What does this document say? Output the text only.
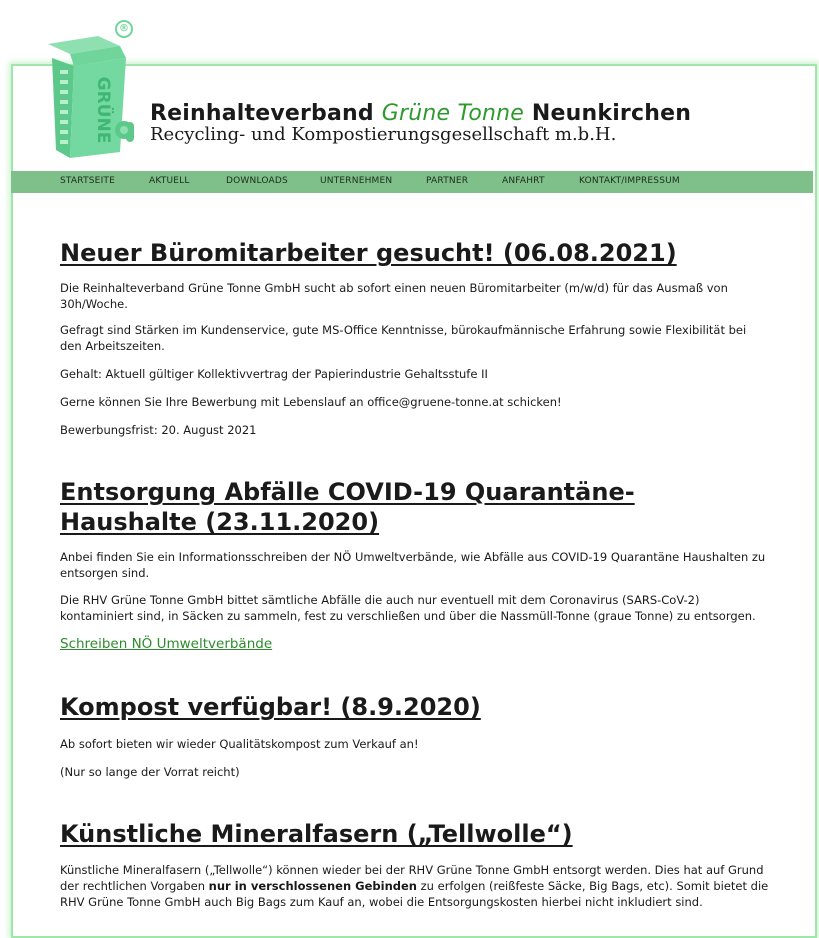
GRÜNE
®
Reinhalteverband Grüne Tonne Neunkirchen
Recycling- und Kompostierungsgesellschaft m.b.H.
STARTSEITE	AKTUELL	DOWNLOADS	UNTERNEHMEN	PARTNER	ANFAHRT	KONTAKT/IMPRESSUM
Neuer Büromitarbeiter gesucht! (06.08.2021)

Die Reinhalteverband Grüne Tonne GmbH sucht ab sofort einen neuen Büromitarbeiter (m/w/d) für das Ausmaß von 30h/Woche.

Gefragt sind Stärken im Kundenservice, gute MS-Office Kenntnisse, bürokaufmännische Erfahrung sowie Flexibilität bei den Arbeitszeiten.

Gehalt: Aktuell gültiger Kollektivvertrag der Papierindustrie Gehaltsstufe II

Gerne können Sie Ihre Bewerbung mit Lebenslauf an office@gruene-tonne.at schicken!

Bewerbungsfrist: 20. August 2021

Entsorgung Abfälle COVID-19 Quarantäne-Haushalte (23.11.2020)

Anbei finden Sie ein Informationsschreiben der NÖ Umweltverbände, wie Abfälle aus COVID-19 Quarantäne Haushalten zu entsorgen sind.

Die RHV Grüne Tonne GmbH bittet sämtliche Abfälle die auch nur eventuell mit dem Coronavirus (SARS-CoV-2) kontaminiert sind, in Säcken zu sammeln, fest zu verschließen und über die Nassmüll-Tonne (graue Tonne) zu entsorgen.

Schreiben NÖ Umweltverbände
Kompost verfügbar! (8.9.2020)

Ab sofort bieten wir wieder Qualitätskompost zum Verkauf an!

(Nur so lange der Vorrat reicht)

Künstliche Mineralfasern („Tellwolle“)

Künstliche Mineralfasern („Tellwolle“) können wieder bei der RHV Grüne Tonne GmbH entsorgt werden. Dies hat auf Grund der rechtlichen Vorgaben nur in verschlossenen Gebinden zu erfolgen (reißfeste Säcke, Big Bags, etc). Somit bietet die RHV Grüne Tonne GmbH auch Big Bags zum Kauf an, wobei die Entsorgungskosten hierbei nicht inkludiert sind.
